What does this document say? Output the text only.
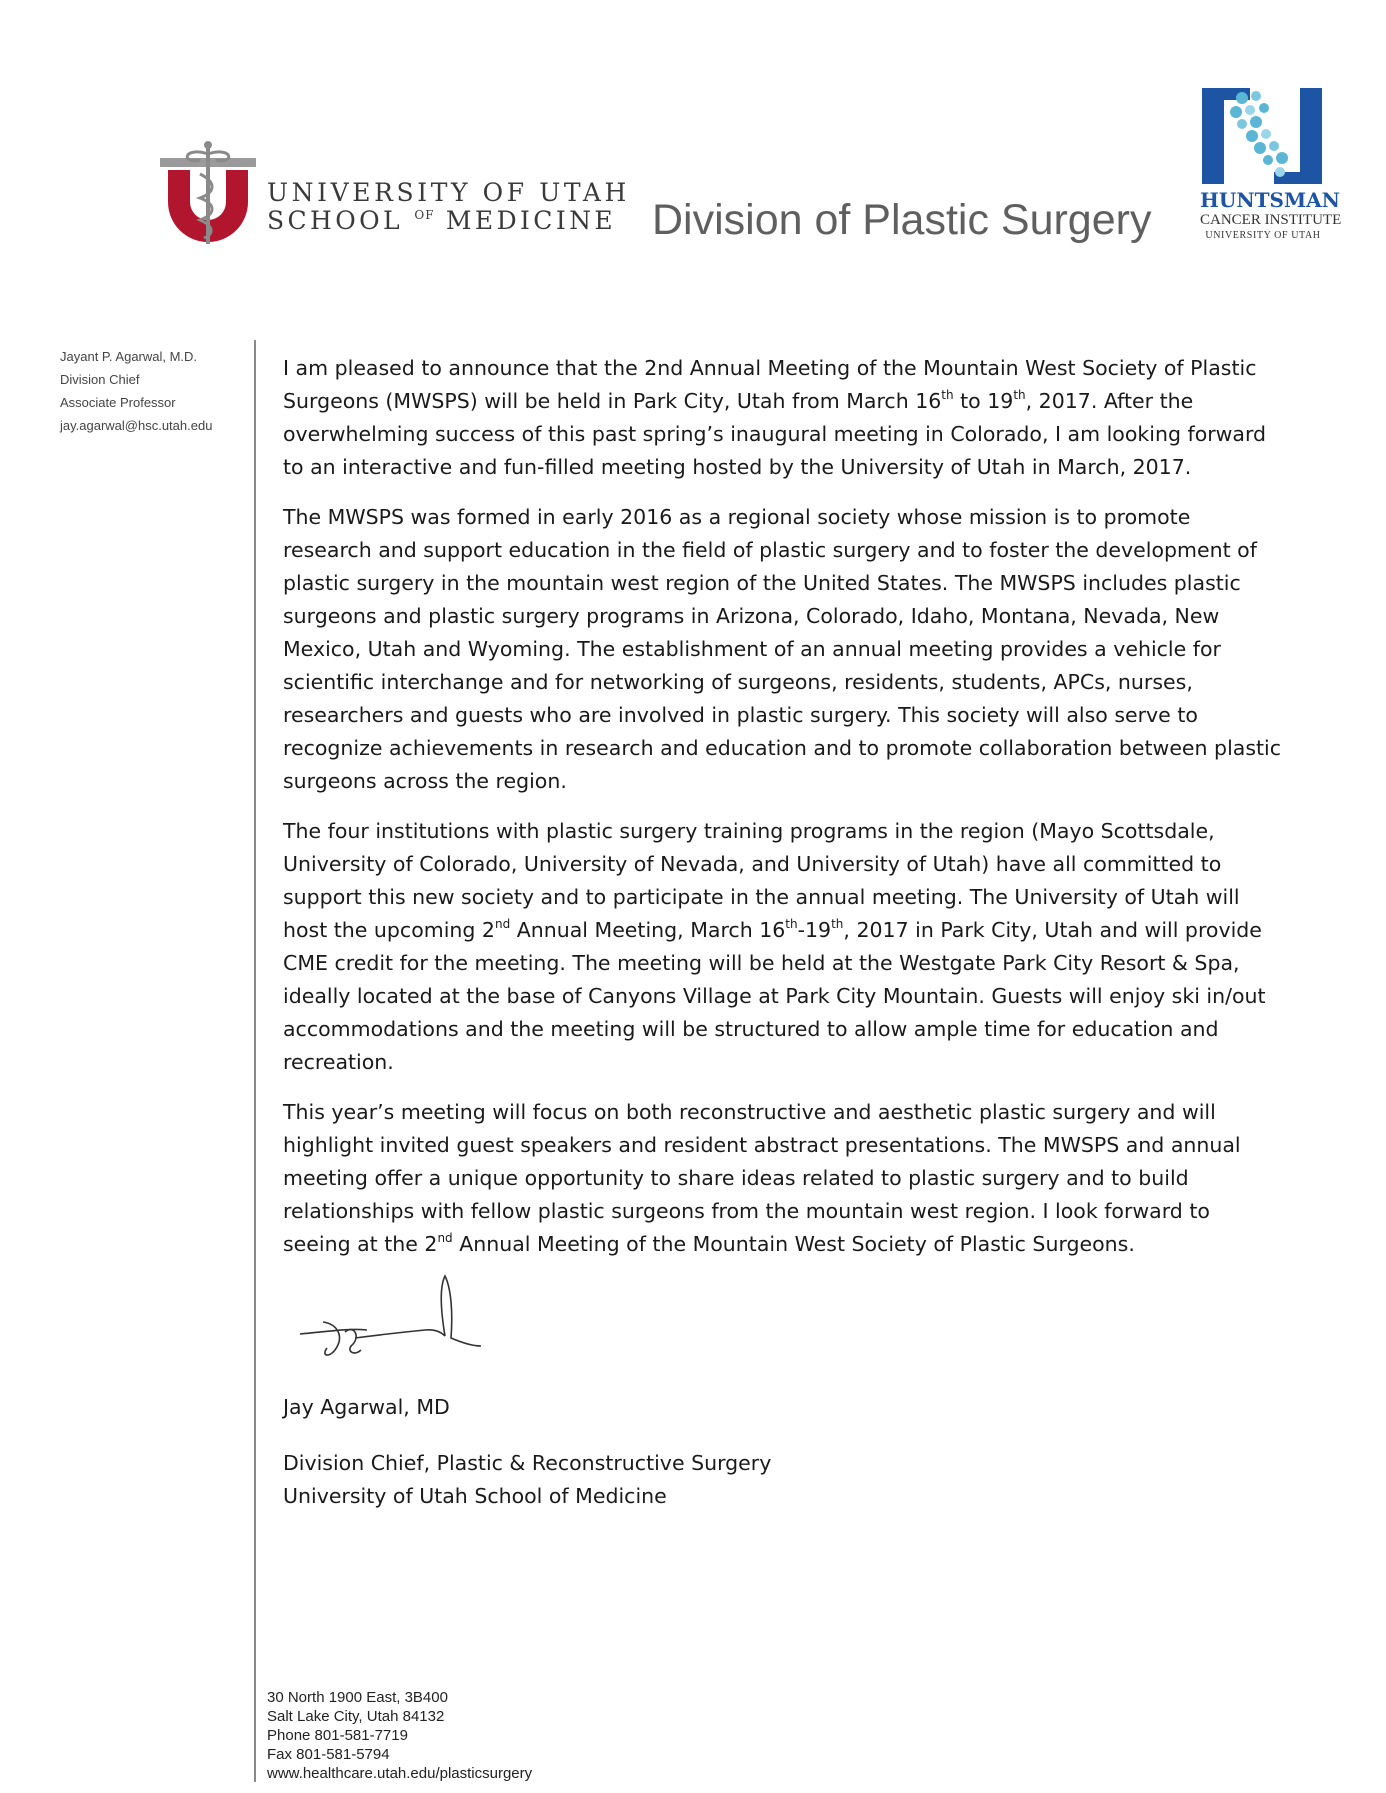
UNIVERSITY OF UTAH
SCHOOL $^{OF}$ MEDICINE Division of Plastic Surgery HUNTSMAN
CANCER INSTITUTE
UNIVERSITY OF UTAH
Jayant P. Agarwal, M.D.
Division Chief
Associate Professor
jay.agarwal@hsc.utah.edu

I am pleased to announce that the 2nd Annual Meeting of the Mountain West Society of Plastic Surgeons (MWSPS) will be held in Park City, Utah from March 16th to 19th, 2017. After the overwhelming success of this past spring’s inaugural meeting in Colorado, I am looking forward to an interactive and fun-filled meeting hosted by the University of Utah in March, 2017.

The MWSPS was formed in early 2016 as a regional society whose mission is to promote research and support education in the field of plastic surgery and to foster the development of plastic surgery in the mountain west region of the United States. The MWSPS includes plastic surgeons and plastic surgery programs in Arizona, Colorado, Idaho, Montana, Nevada, New Mexico, Utah and Wyoming. The establishment of an annual meeting provides a vehicle for scientific interchange and for networking of surgeons, residents, students, APCs, nurses, researchers and guests who are involved in plastic surgery. This society will also serve to recognize achievements in research and education and to promote collaboration between plastic surgeons across the region.

The four institutions with plastic surgery training programs in the region (Mayo Scottsdale, University of Colorado, University of Nevada, and University of Utah) have all committed to support this new society and to participate in the annual meeting. The University of Utah will host the upcoming 2nd Annual Meeting, March 16th-19th, 2017 in Park City, Utah and will provide CME credit for the meeting. The meeting will be held at the Westgate Park City Resort & Spa, ideally located at the base of Canyons Village at Park City Mountain. Guests will enjoy ski in/out accommodations and the meeting will be structured to allow ample time for education and recreation.

This year’s meeting will focus on both reconstructive and aesthetic plastic surgery and will highlight invited guest speakers and resident abstract presentations. The MWSPS and annual meeting offer a unique opportunity to share ideas related to plastic surgery and to build relationships with fellow plastic surgeons from the mountain west region. I look forward to seeing at the 2nd Annual Meeting of the Mountain West Society of Plastic Surgeons.

Jay Agarwal, MD
Division Chief, Plastic & Reconstructive Surgery
University of Utah School of Medicine
30 North 1900 East, 3B400
Salt Lake City, Utah 84132
Phone 801-581-7719
Fax 801-581-5794
www.healthcare.utah.edu/plasticsurgery
